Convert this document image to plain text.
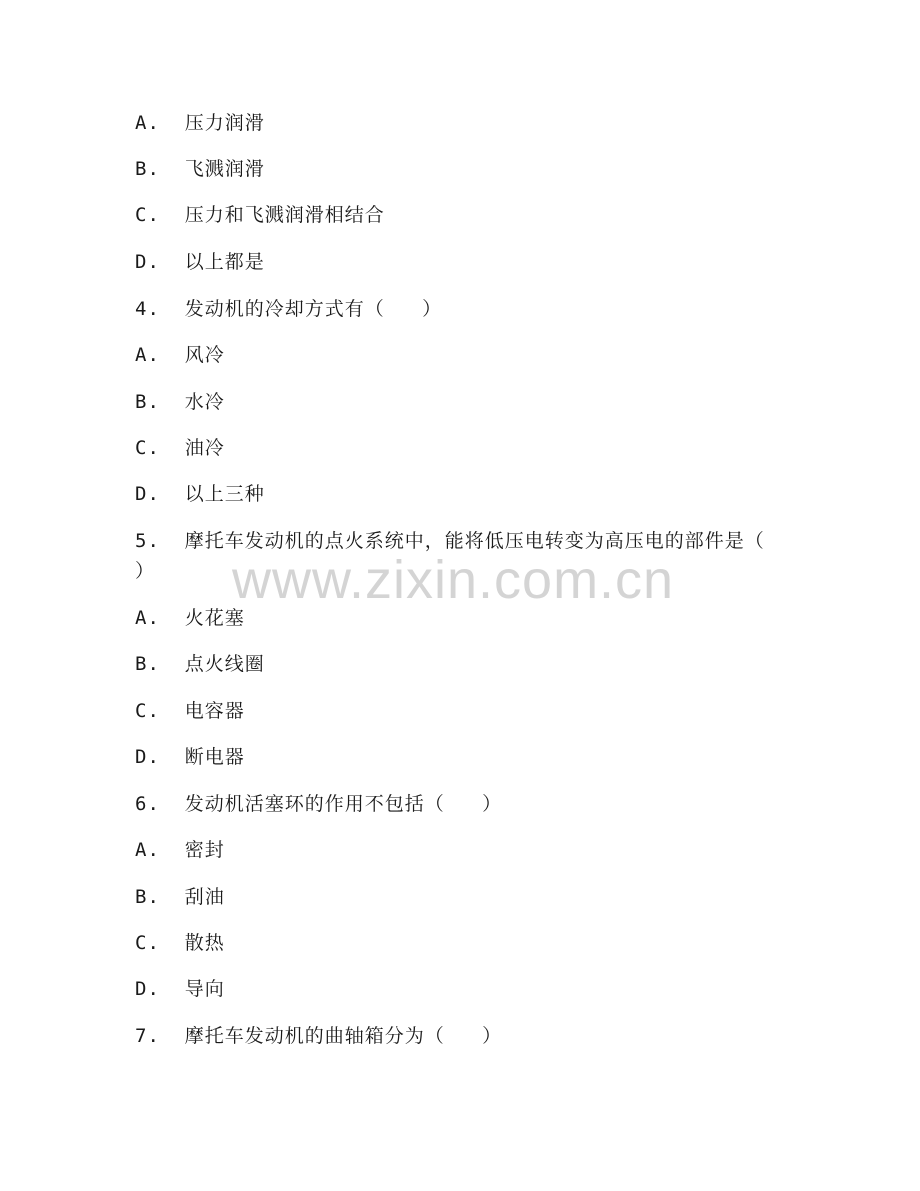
A.  压力润滑
B.  飞溅润滑
C.  压力和飞溅润滑相结合
D.  以上都是
4.  发动机的冷却方式有（   ）
A.  风冷
B.  水冷
C.  油冷
D.  以上三种
5.  摩托车发动机的点火系统中，能将低压电转变为高压电的部件是（
）
A.  火花塞
B.  点火线圈
C.  电容器
D.  断电器
6.  发动机活塞环的作用不包括（   ）
A.  密封
B.  刮油
C.  散热
D.  导向
7.  摩托车发动机的曲轴箱分为（   ）
www.zixin.com.cn
